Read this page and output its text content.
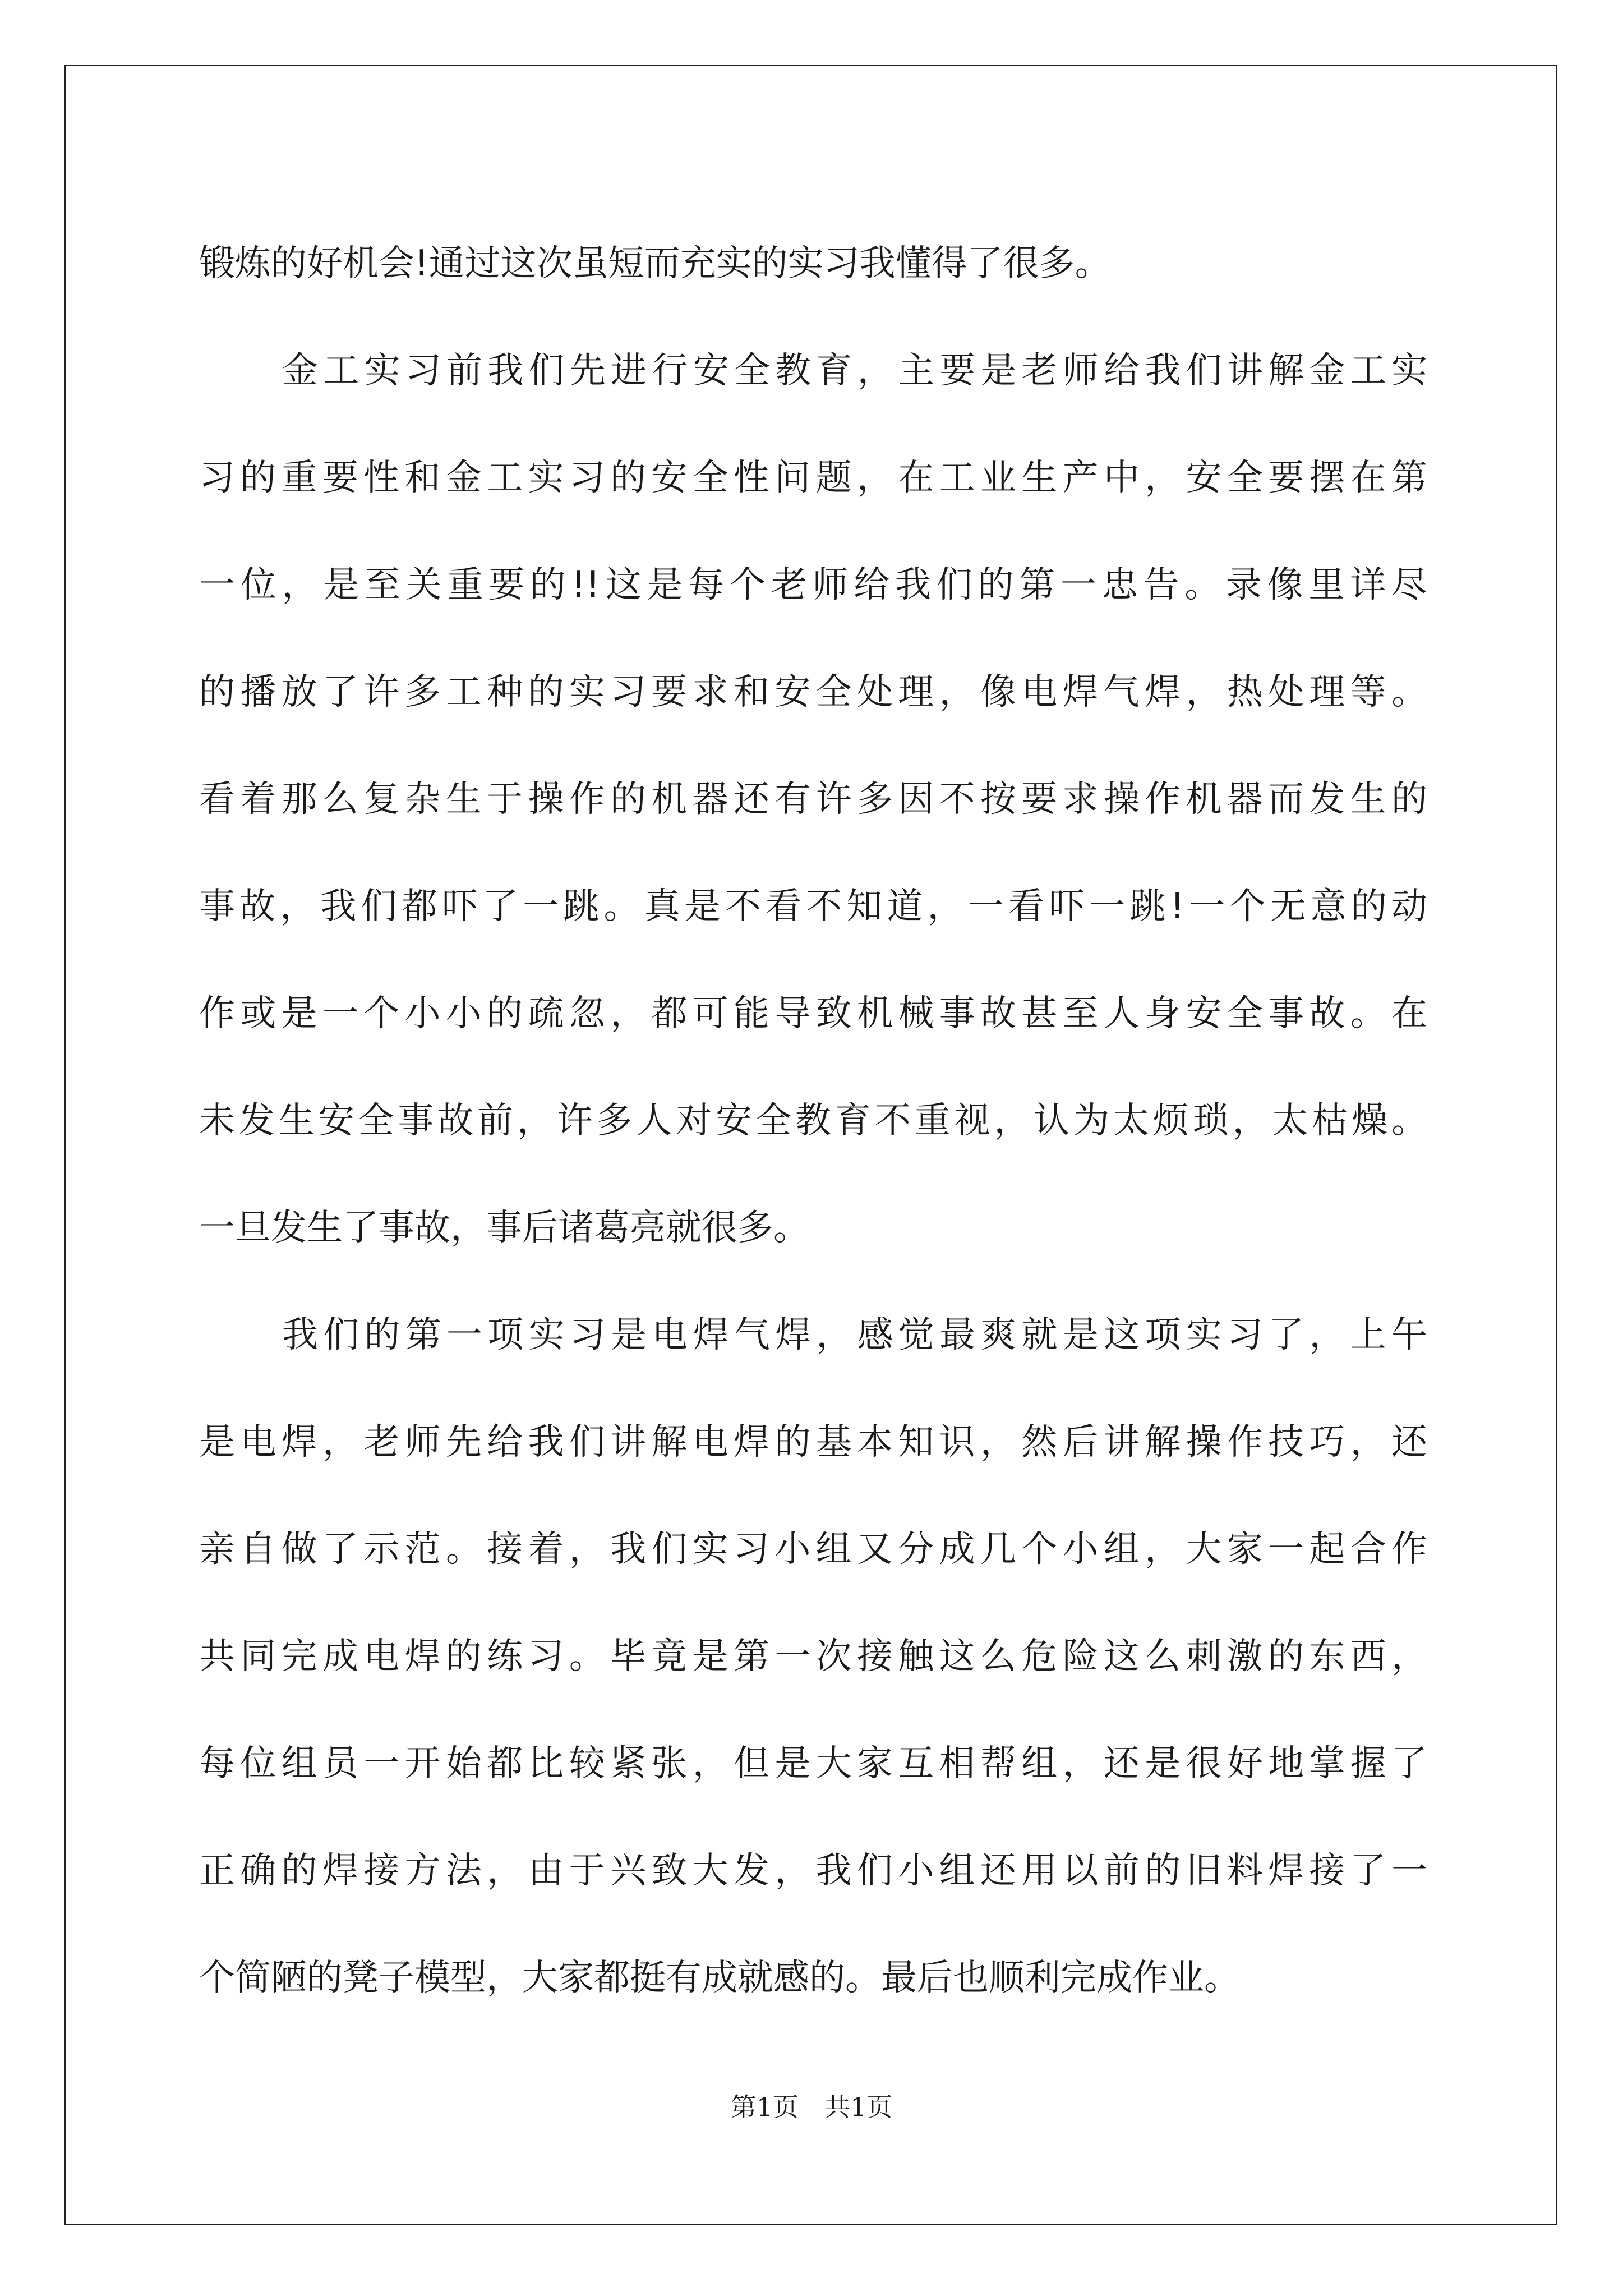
锻炼的好机会!通过这次虽短而充实的实习我懂得了很多。
金工实习前我们先进行安全教育，主要是老师给我们讲解金工实
习的重要性和金工实习的安全性问题，在工业生产中，安全要摆在第
一位，是至关重要的!!这是每个老师给我们的第一忠告。录像里详尽
的播放了许多工种的实习要求和安全处理，像电焊气焊，热处理等。
看着那么复杂生于操作的机器还有许多因不按要求操作机器而发生的
事故，我们都吓了一跳。真是不看不知道，一看吓一跳!一个无意的动
作或是一个小小的疏忽，都可能导致机械事故甚至人身安全事故。在
未发生安全事故前，许多人对安全教育不重视，认为太烦琐，太枯燥。
一旦发生了事故，事后诸葛亮就很多。
我们的第一项实习是电焊气焊，感觉最爽就是这项实习了，上午
是电焊，老师先给我们讲解电焊的基本知识，然后讲解操作技巧，还
亲自做了示范。接着，我们实习小组又分成几个小组，大家一起合作
共同完成电焊的练习。毕竟是第一次接触这么危险这么刺激的东西，
每位组员一开始都比较紧张，但是大家互相帮组，还是很好地掌握了
正确的焊接方法，由于兴致大发，我们小组还用以前的旧料焊接了一
个简陋的凳子模型，大家都挺有成就感的。最后也顺利完成作业。
第1页　共1页
